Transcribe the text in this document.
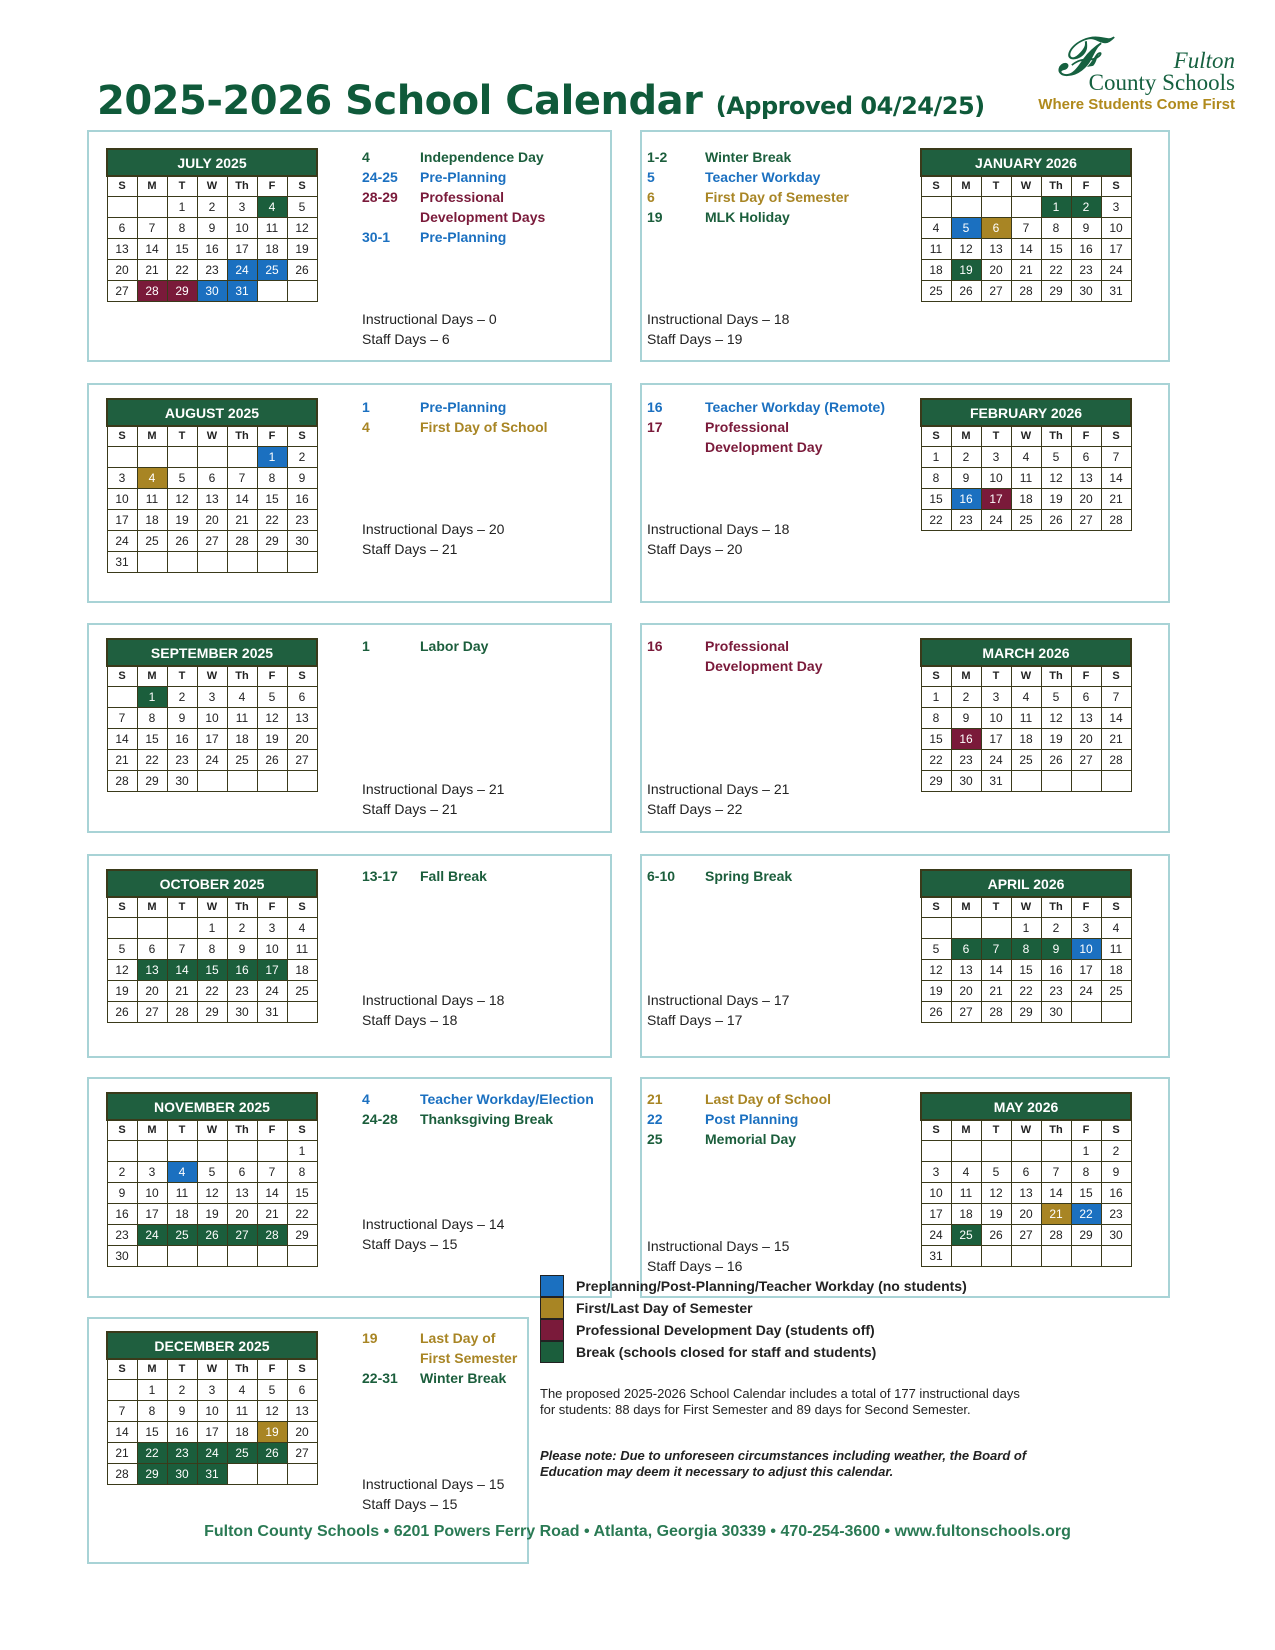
2025-2026 School Calendar (Approved 04/24/25)
𝓕	Fulton
County Schools
Where Students Come First
JULY 2025						
S	M	T	W	Th	F	S
		1	2	3	4	5
6	7	8	9	10	11	12
13	14	15	16	17	18	19
20	21	22	23	24	25	26
27	28	29	30	31		
AUGUST 2025						
S	M	T	W	Th	F	S
					1	2
3	4	5	6	7	8	9
10	11	12	13	14	15	16
17	18	19	20	21	22	23
24	25	26	27	28	29	30
31						
SEPTEMBER 2025						
S	M	T	W	Th	F	S
	1	2	3	4	5	6
7	8	9	10	11	12	13
14	15	16	17	18	19	20
21	22	23	24	25	26	27
28	29	30				
OCTOBER 2025						
S	M	T	W	Th	F	S
			1	2	3	4
5	6	7	8	9	10	11
12	13	14	15	16	17	18
19	20	21	22	23	24	25
26	27	28	29	30	31	
NOVEMBER 2025						
S	M	T	W	Th	F	S
						1
2	3	4	5	6	7	8
9	10	11	12	13	14	15
16	17	18	19	20	21	22
23	24	25	26	27	28	29
30						
DECEMBER 2025						
S	M	T	W	Th	F	S
	1	2	3	4	5	6
7	8	9	10	11	12	13
14	15	16	17	18	19	20
21	22	23	24	25	26	27
28	29	30	31			
JANUARY 2026						
S	M	T	W	Th	F	S
				1	2	3
4	5	6	7	8	9	10
11	12	13	14	15	16	17
18	19	20	21	22	23	24
25	26	27	28	29	30	31
FEBRUARY 2026						
S	M	T	W	Th	F	S
1	2	3	4	5	6	7
8	9	10	11	12	13	14
15	16	17	18	19	20	21
22	23	24	25	26	27	28
MARCH 2026						
S	M	T	W	Th	F	S
1	2	3	4	5	6	7
8	9	10	11	12	13	14
15	16	17	18	19	20	21
22	23	24	25	26	27	28
29	30	31				
APRIL 2026						
S	M	T	W	Th	F	S
			1	2	3	4
5	6	7	8	9	10	11
12	13	14	15	16	17	18
19	20	21	22	23	24	25
26	27	28	29	30		
MAY 2026						
S	M	T	W	Th	F	S
					1	2
3	4	5	6	7	8	9
10	11	12	13	14	15	16
17	18	19	20	21	22	23
24	25	26	27	28	29	30
31						
4	Independence Day
24-25	Pre-Planning
28-29	Professional
Development Days
30-1	Pre-Planning
1	Pre-Planning
4	First Day of School
1	Labor Day
13-17	Fall Break
4	Teacher Workday/Election
24-28	Thanksgiving Break
19	Last Day of
First Semester
22-31	Winter Break
1-2	Winter Break
5	Teacher Workday
6	First Day of Semester
19	MLK Holiday
16	Teacher Workday (Remote)
17	Professional
Development Day
16	Professional
Development Day
6-10	Spring Break
21	Last Day of School
22	Post Planning
25	Memorial Day
Instructional Days – 0
Staff Days – 6
Instructional Days – 20
Staff Days – 21
Instructional Days – 21
Staff Days – 21
Instructional Days – 18
Staff Days – 18
Instructional Days – 14
Staff Days – 15
Instructional Days – 15
Staff Days – 15
Instructional Days – 18
Staff Days – 19
Instructional Days – 18
Staff Days – 20
Instructional Days – 21
Staff Days – 22
Instructional Days – 17
Staff Days – 17
Instructional Days – 15
Staff Days – 16
Preplanning/Post-Planning/Teacher Workday (no students)
First/Last Day of Semester
Professional Development Day (students off)
Break (schools closed for staff and students)
The proposed 2025-2026 School Calendar includes a total of 177 instructional days for students: 88 days for First Semester and 89 days for Second Semester.
Please note: Due to unforeseen circumstances including weather, the Board of Education may deem it necessary to adjust this calendar.
Fulton County Schools • 6201 Powers Ferry Road • Atlanta, Georgia 30339 • 470-254-3600 • www.fultonschools.org
